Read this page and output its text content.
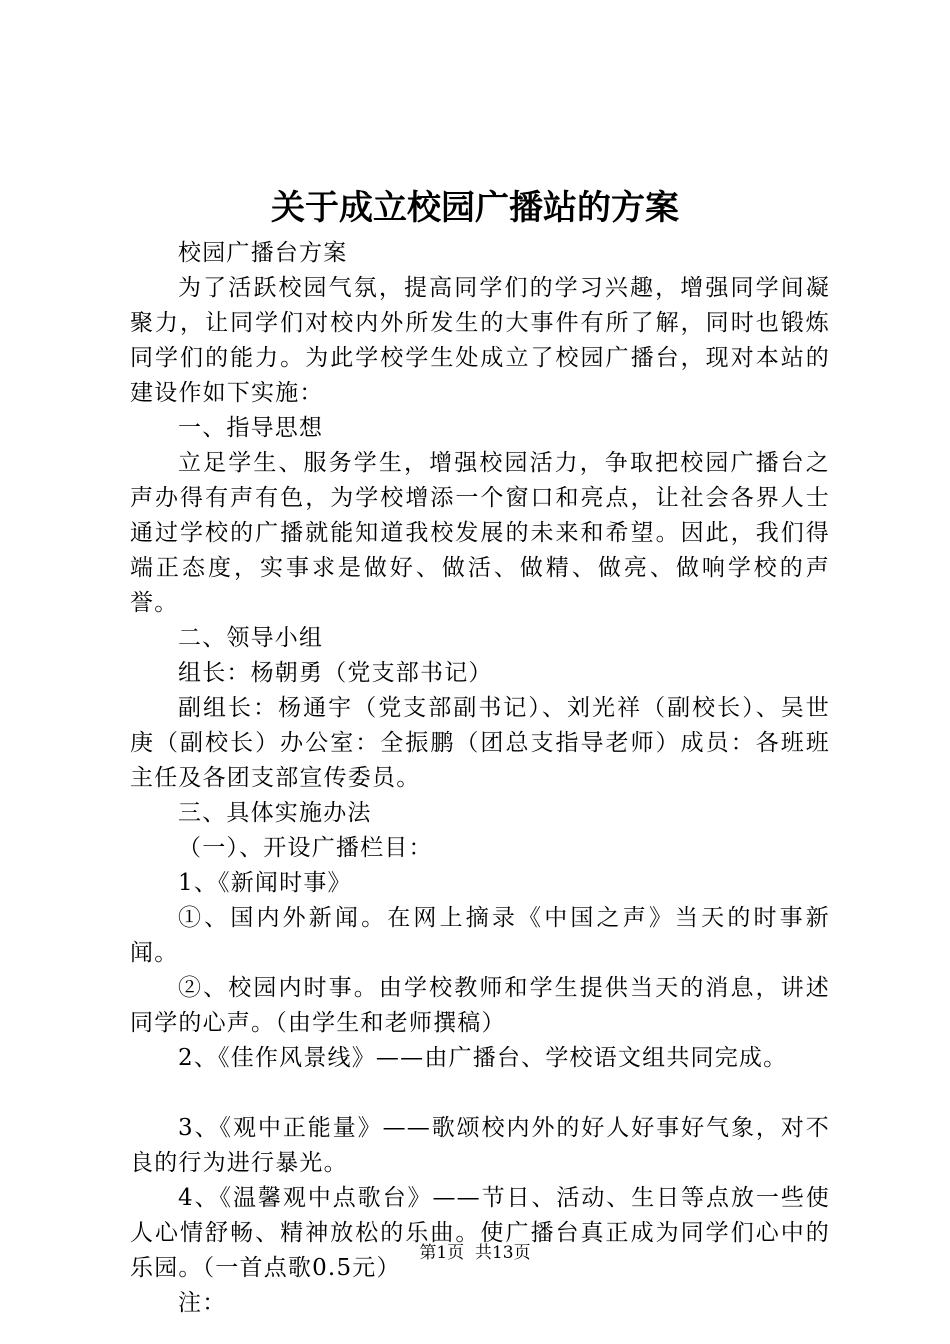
关于成立校园广播站的方案

校园广播台方案

为了活跃校园气氛，提高同学们的学习兴趣，增强同学间凝聚力，让同学们对校内外所发生的大事件有所了解，同时也锻炼同学们的能力。为此学校学生处成立了校园广播台，现对本站的建设作如下实施：

一、指导思想

立足学生、服务学生，增强校园活力，争取把校园广播台之声办得有声有色，为学校增添一个窗口和亮点，让社会各界人士通过学校的广播就能知道我校发展的未来和希望。因此，我们得端正态度，实事求是做好、做活、做精、做亮、做响学校的声誉。

二、领导小组

组长：杨朝勇（党支部书记）

副组长：杨通宇（党支部副书记）、刘光祥（副校长）、吴世庚（副校长）办公室：全振鹏（团总支指导老师）成员：各班班主任及各团支部宣传委员。

三、具体实施办法

（一）、开设广播栏目：

1、《新闻时事》

①、国内外新闻。在网上摘录《中国之声》当天的时事新闻。

②、校园内时事。由学校教师和学生提供当天的消息，讲述同学的心声。（由学生和老师撰稿）

2、《佳作风景线》——由广播台、学校语文组共同完成。

3、《观中正能量》——歌颂校内外的好人好事好气象，对不良的行为进行暴光。

4、《温馨观中点歌台》——节日、活动、生日等点放一些使人心情舒畅、精神放松的乐曲。使广播台真正成为同学们心中的乐园。（一首点歌0.5元）

注：

第1页  共13页
